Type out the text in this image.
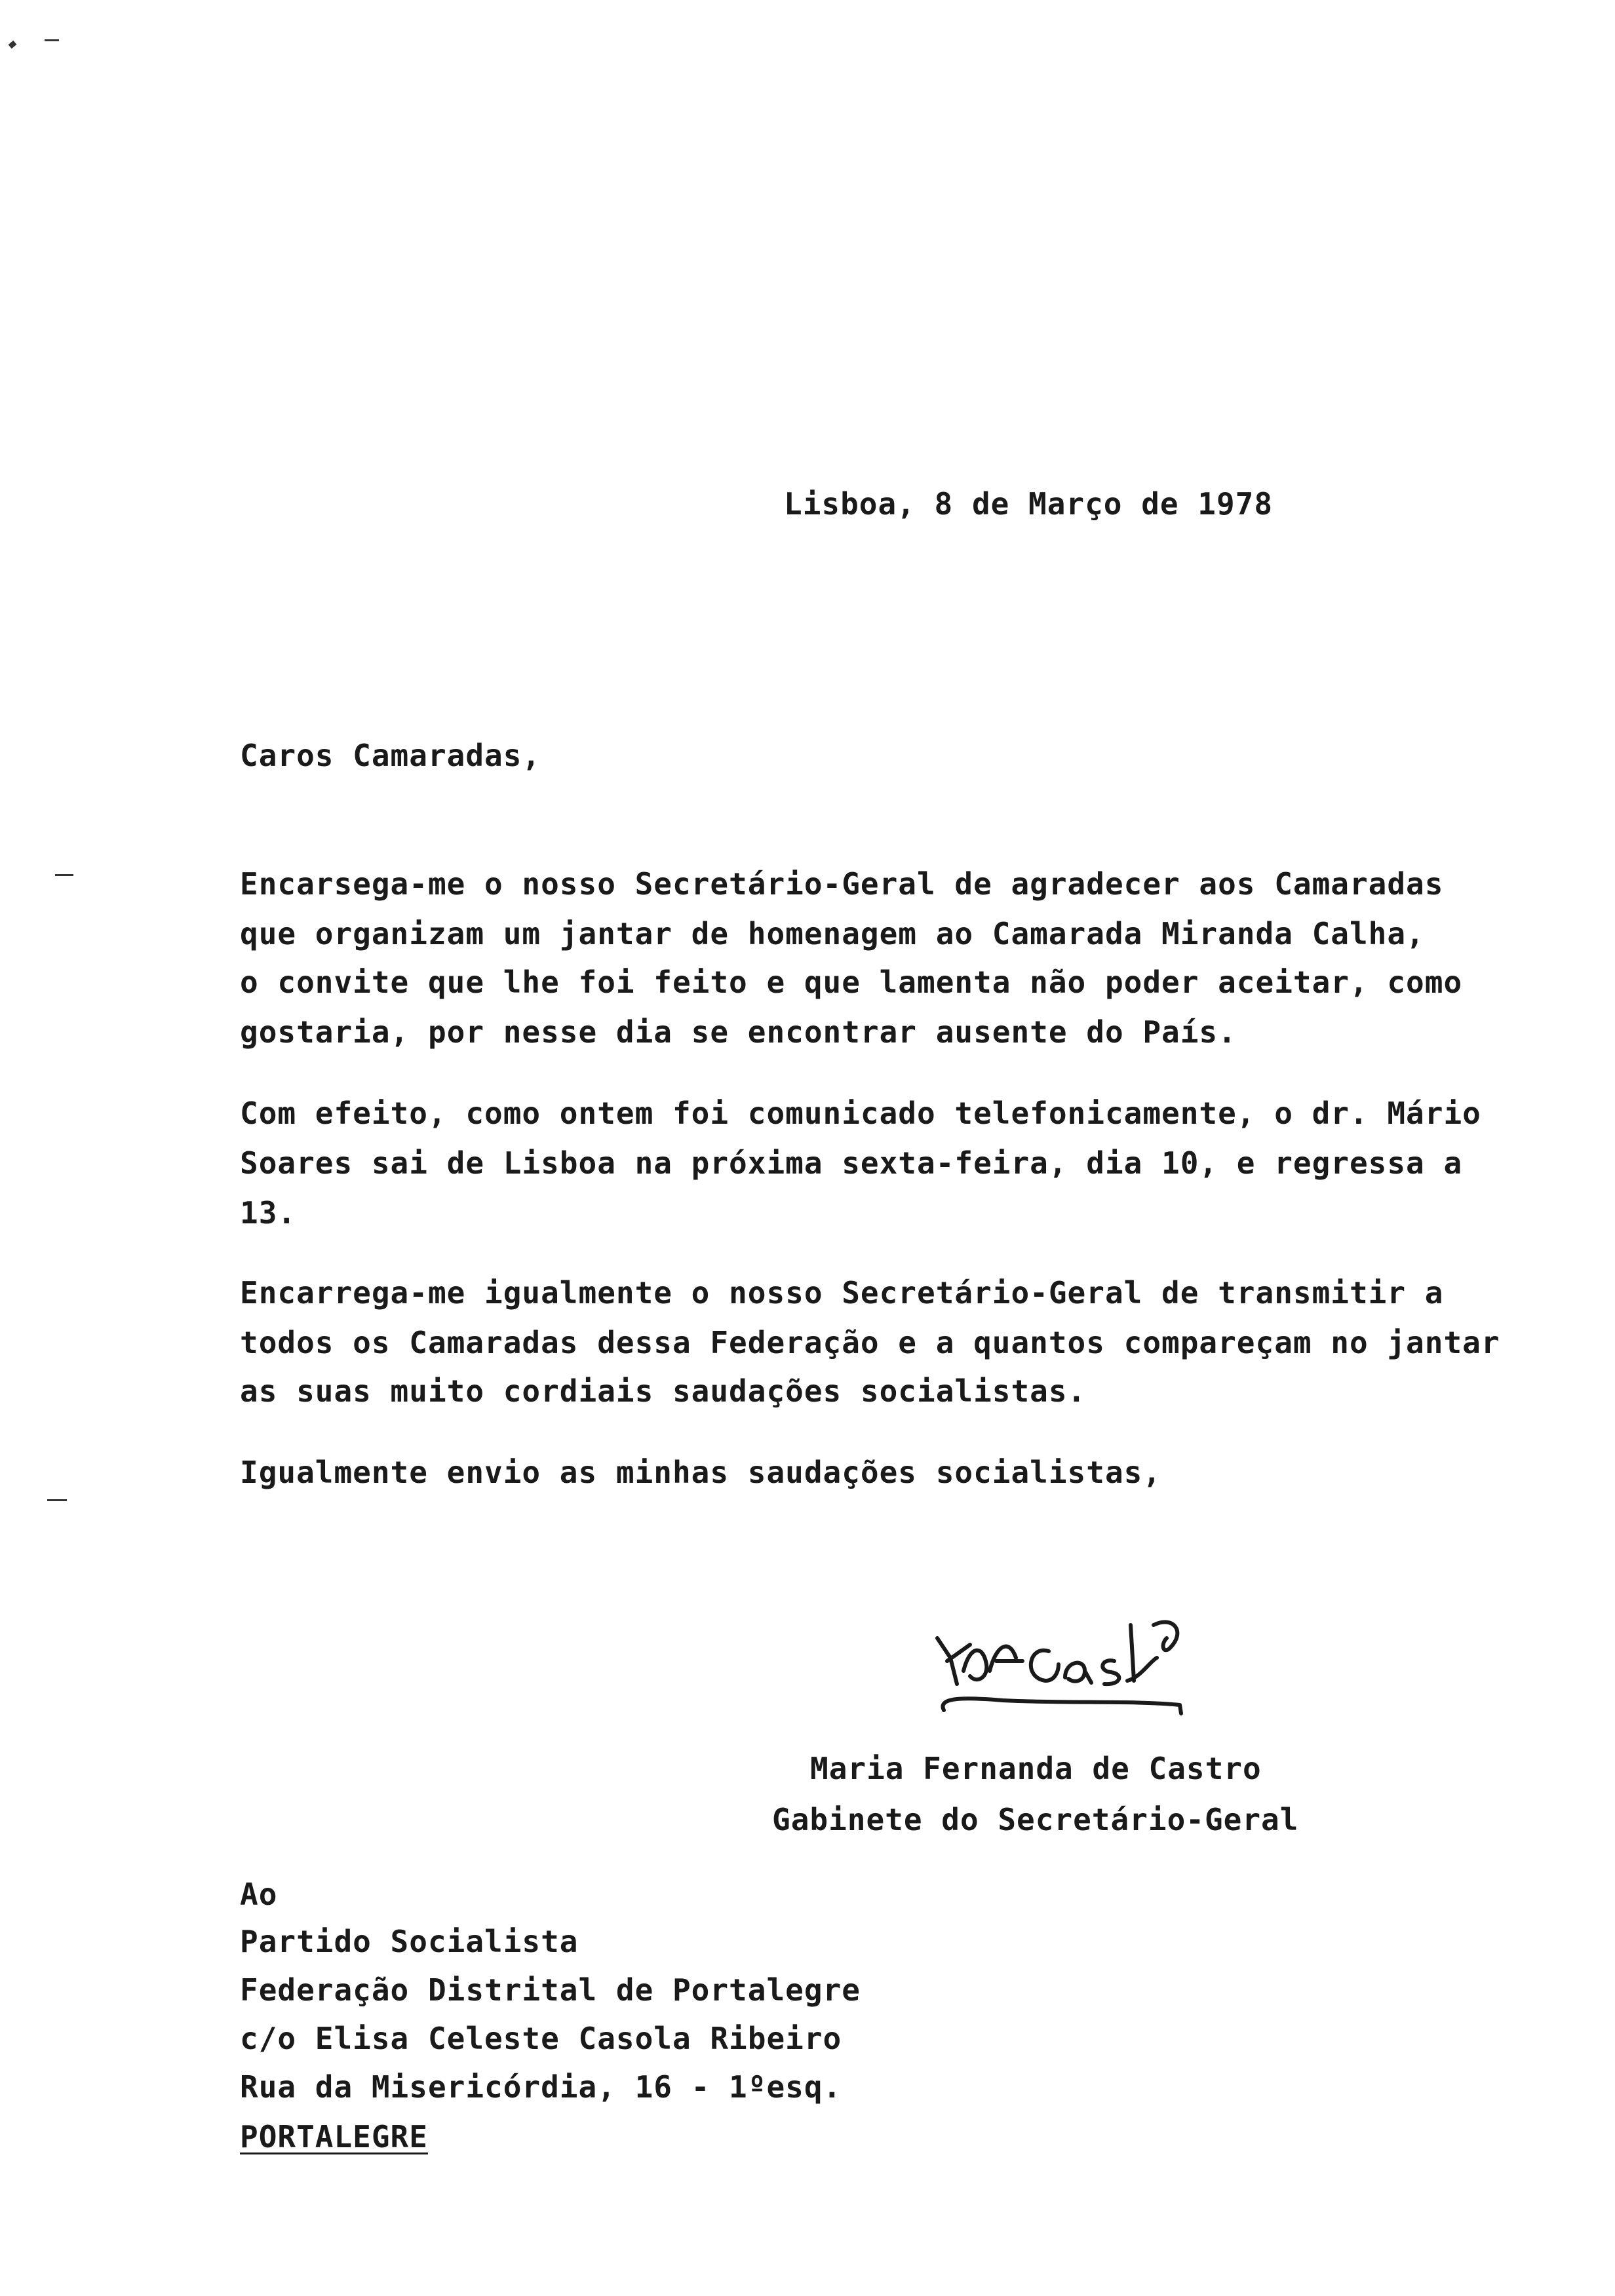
Lisboa, 8 de Março de 1978
Caros Camaradas,
Encarsega-me o nosso Secretário-Geral de agradecer aos Camaradas
que organizam um jantar de homenagem ao Camarada Miranda Calha,
o convite que lhe foi feito e que lamenta não poder aceitar, como
gostaria, por nesse dia se encontrar ausente do País.
Com efeito, como ontem foi comunicado telefonicamente, o dr. Mário
Soares sai de Lisboa na próxima sexta-feira, dia 10, e regressa a
13.
Encarrega-me igualmente o nosso Secretário-Geral de transmitir a
todos os Camaradas dessa Federação e a quantos compareçam no jantar
as suas muito cordiais saudações socialistas.
Igualmente envio as minhas saudações socialistas,
Maria Fernanda de Castro
Gabinete do Secretário-Geral
Ao
Partido Socialista
Federação Distrital de Portalegre
c/o Elisa Celeste Casola Ribeiro
Rua da Misericórdia, 16 - 1ºesq.
PORTALEGRE
